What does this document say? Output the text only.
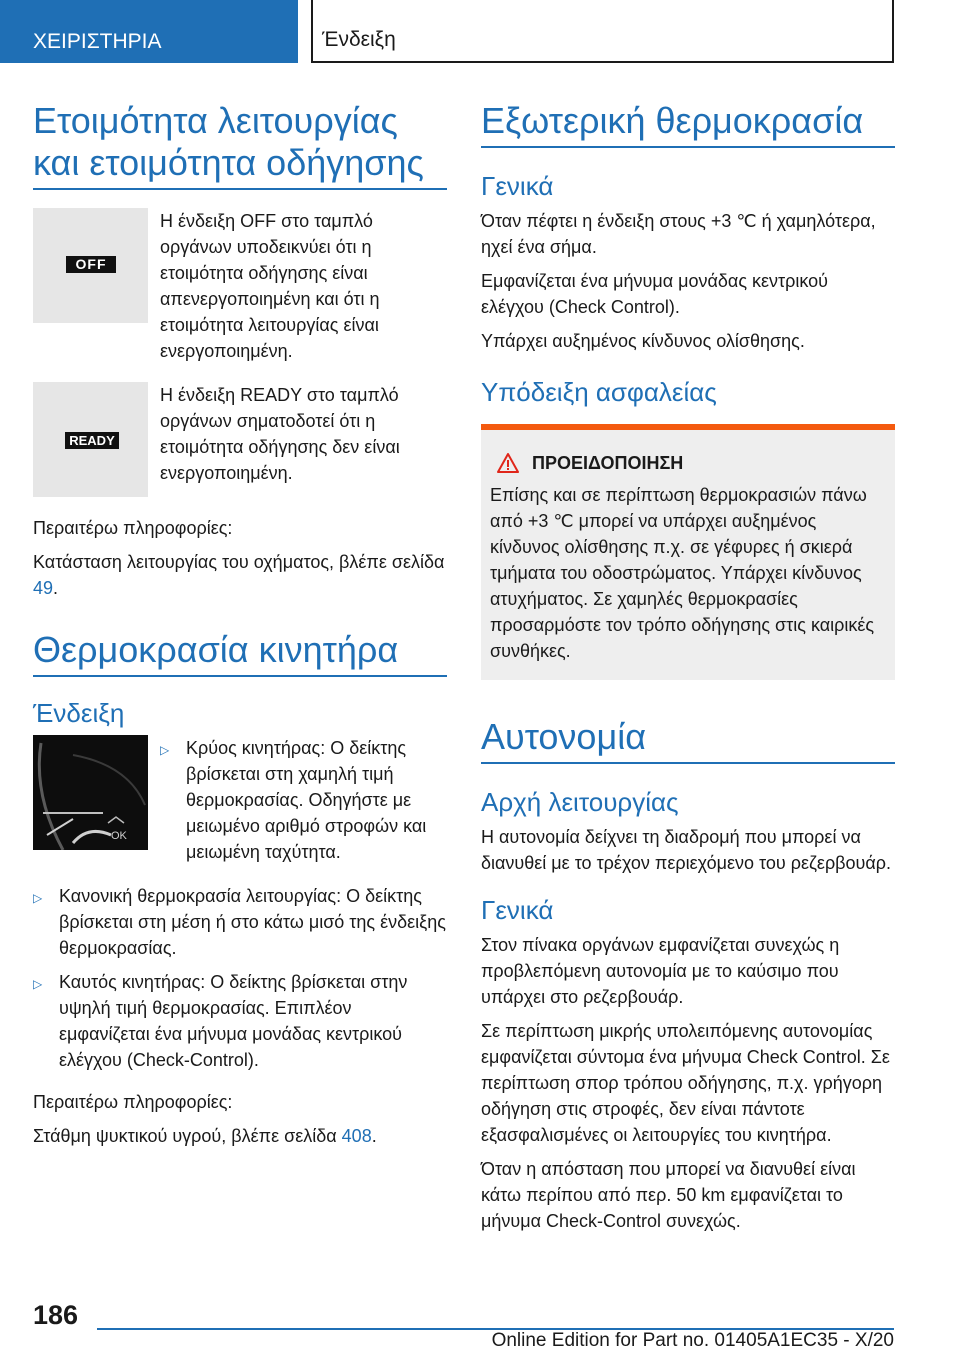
ΧΕΙΡΙΣΤΗΡΙΑ	Ένδειξη
Ετοιμότητα λειτουργίας και ετοιμότητα οδήγησης
OFF

Η ένδειξη OFF στο ταμπλό οργάνων υποδεικνύει ότι η ετοιμότητα οδήγησης είναι απενεργοποιημένη και ότι η ετοιμότητα λειτουργίας είναι ενεργοποιημένη.

READY

Η ένδειξη READY στο ταμπλό οργάνων σηματοδοτεί ότι η ετοιμότητα οδήγησης δεν είναι ενεργοποιημένη.

Περαιτέρω πληροφορίες:

Κατάσταση λειτουργίας του οχήματος, βλέπε σελίδα 49.

Θερμοκρασία κινητήρα
Ένδειξη
OK
▷ Κρύος κινητήρας: Ο δείκτης βρίσκεται στη χαμηλή τιμή θερμοκρασίας. Οδηγήστε με μειωμένο αριθμό στροφών και μειωμένη ταχύτητα.
▷ Κανονική θερμοκρασία λειτουργίας: Ο δείκτης βρίσκεται στη μέση ή στο κάτω μισό της ένδειξης θερμοκρασίας.
▷ Καυτός κινητήρας: Ο δείκτης βρίσκεται στην υψηλή τιμή θερμοκρασίας. Επιπλέον εμφανίζεται ένα μήνυμα μονάδας κεντρικού ελέγχου (Check-Control).

Περαιτέρω πληροφορίες:

Στάθμη ψυκτικού υγρού, βλέπε σελίδα 408.

Εξωτερική θερμοκρασία
Γενικά

Όταν πέφτει η ένδειξη στους +3 ℃ ή χαμηλότερα, ηχεί ένα σήμα.

Εμφανίζεται ένα μήνυμα μονάδας κεντρικού ελέγχου (Check Control).

Υπάρχει αυξημένος κίνδυνος ολίσθησης.

Υπόδειξη ασφαλείας
ΠΡΟΕΙΔΟΠΟΙΗΣΗ

Επίσης και σε περίπτωση θερμοκρασιών πάνω από +3 ℃ μπορεί να υπάρχει αυξημένος κίνδυνος ολίσθησης π.χ. σε γέφυρες ή σκιερά τμήματα του οδοστρώματος. Υπάρχει κίνδυνος ατυχήματος. Σε χαμηλές θερμοκρασίες προσαρμόστε τον τρόπο οδήγησης στις καιρικές συνθήκες.

Αυτονομία
Αρχή λειτουργίας

Η αυτονομία δείχνει τη διαδρομή που μπορεί να διανυθεί με το τρέχον περιεχόμενο του ρεζερβουάρ.

Γενικά

Στον πίνακα οργάνων εμφανίζεται συνεχώς η προβλεπόμενη αυτονομία με το καύσιμο που υπάρχει στο ρεζερβουάρ.

Σε περίπτωση μικρής υπολειπόμενης αυτονομίας εμφανίζεται σύντομα ένα μήνυμα Check Control. Σε περίπτωση σπορ τρόπου οδήγησης, π.χ. γρήγορη οδήγηση στις στροφές, δεν είναι πάντοτε εξασφαλισμένες οι λειτουργίες του κινητήρα.

Όταν η απόσταση που μπορεί να διανυθεί είναι κάτω περίπου από περ. 50 km εμφανίζεται το μήνυμα Check-Control συνεχώς.

186
Online Edition for Part no. 01405A1EC35 - X/20
